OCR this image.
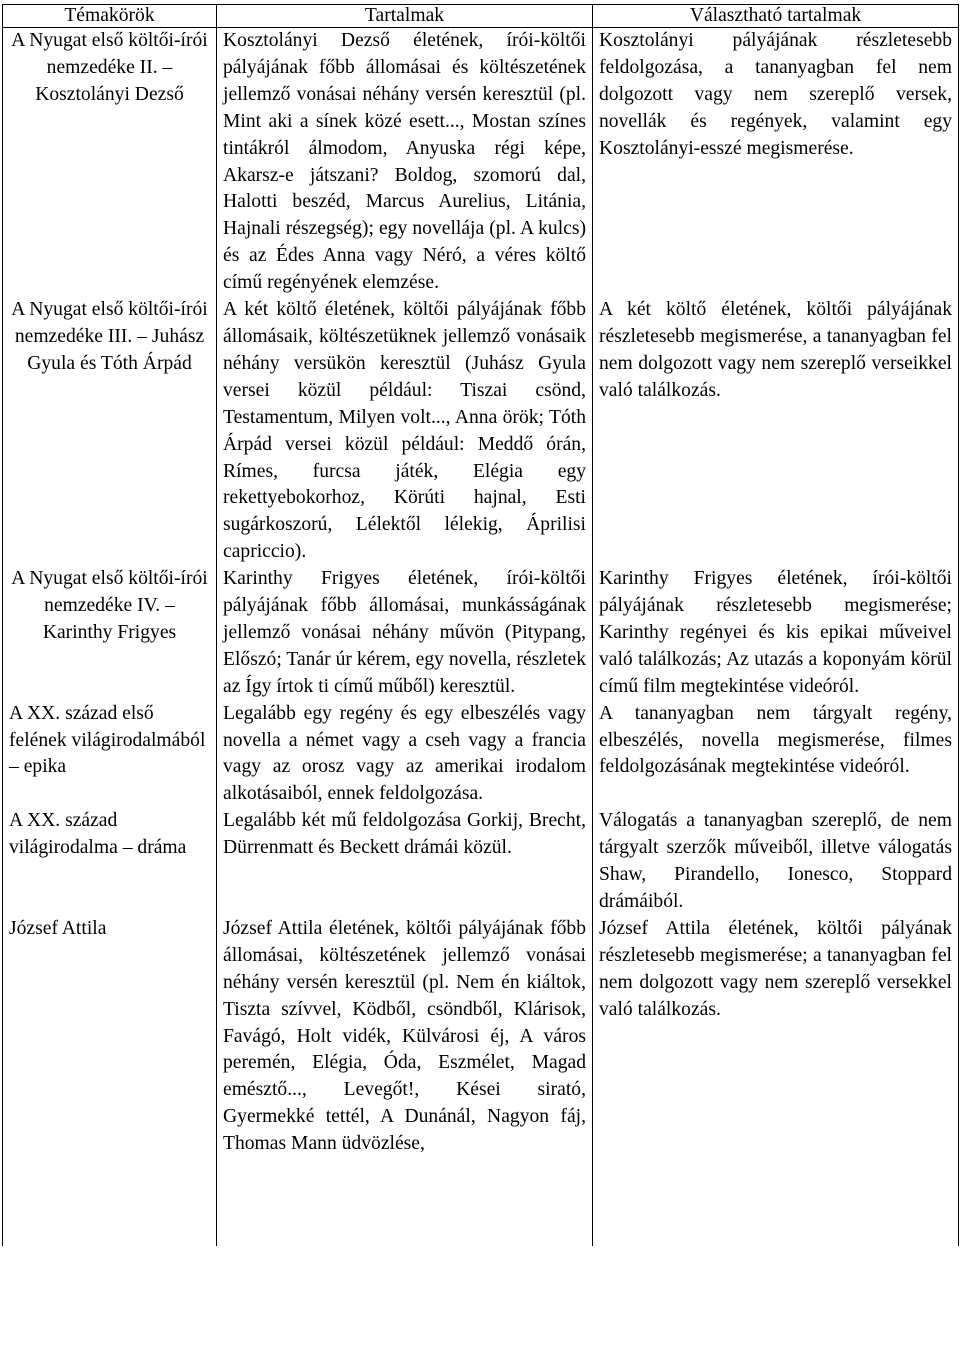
Témakörök	Tartalmak	Választható tartalmak
A Nyugat első költői-írói nemzedéke II. – Kosztolányi Dezső	Kosztolányi Dezső életének, írói-költői pályájának főbb állomásai és költészetének jellemző vonásai néhány versén keresztül (pl. Mint aki a sínek közé esett..., Mostan színes tintákról álmodom, Anyuska régi képe, Akarsz-e játszani? Boldog, szomorú dal, Halotti beszéd, Marcus Aurelius, Litánia, Hajnali részegség); egy novellája (pl. A kulcs) és az Édes Anna vagy Néró, a véres költő című regényének elemzése.	Kosztolányi pályájának részletesebb feldolgozása, a tananyagban fel nem dolgozott vagy nem szereplő versek, novellák és regények, valamint egy Kosztolányi-esszé megismerése.
A Nyugat első költői-írói nemzedéke III. – Juhász Gyula és Tóth Árpád	A két költő életének, költői pályájának főbb állomásaik, költészetüknek jellemző vonásaik néhány versükön keresztül (Juhász Gyula versei közül például: Tiszai csönd, Testamentum, Milyen volt..., Anna örök; Tóth Árpád versei közül például: Meddő órán, Rímes, furcsa játék, Elégia egy rekettyebokorhoz, Körúti hajnal, Esti sugárkoszorú, Lélektől lélekig, Áprilisi capriccio).	A két költő életének, költői pályájának részletesebb megismerése, a tananyagban fel nem dolgozott vagy nem szereplő verseikkel való találkozás.
A Nyugat első költői-írói nemzedéke IV. – Karinthy Frigyes	Karinthy Frigyes életének, írói-költői pályájának főbb állomásai, munkásságának jellemző vonásai néhány művön (Pitypang, Előszó; Tanár úr kérem, egy novella, részletek az Így írtok ti című műből) keresztül.	Karinthy Frigyes életének, írói-költői pályájának részletesebb megismerése; Karinthy regényei és kis epikai műveivel való találkozás; Az utazás a koponyám körül című film megtekintése videóról.
A XX. század első felének világirodalmából – epika	Legalább egy regény és egy elbeszélés vagy novella a német vagy a cseh vagy a francia vagy az orosz vagy az amerikai irodalom alkotásaiból, ennek feldolgozása.	A tananyagban nem tárgyalt regény, elbeszélés, novella megismerése, filmes feldolgozásának megtekintése videóról.
A XX. század világirodalma – dráma	Legalább két mű feldolgozása Gorkij, Brecht, Dürrenmatt és Beckett drámái közül.	Válogatás a tananyagban szereplő, de nem tárgyalt szerzők műveiből, illetve válogatás Shaw, Pirandello, Ionesco, Stoppard drámáiból.
József Attila	József Attila életének, költői pályájának főbb állomásai, költészetének jellemző vonásai néhány versén keresztül (pl. Nem én kiáltok, Tiszta szívvel, Ködből, csöndből, Klárisok, Favágó, Holt vidék, Külvárosi éj, A város peremén, Elégia, Óda, Eszmélet, Magad emésztő..., Levegőt!, Kései sirató, Gyermekké tettél, A Dunánál, Nagyon fáj, Thomas Mann üdvözlése,	József Attila életének, költői pályának részletesebb megismerése; a tananyagban fel nem dolgozott vagy nem szereplő versekkel való találkozás.
